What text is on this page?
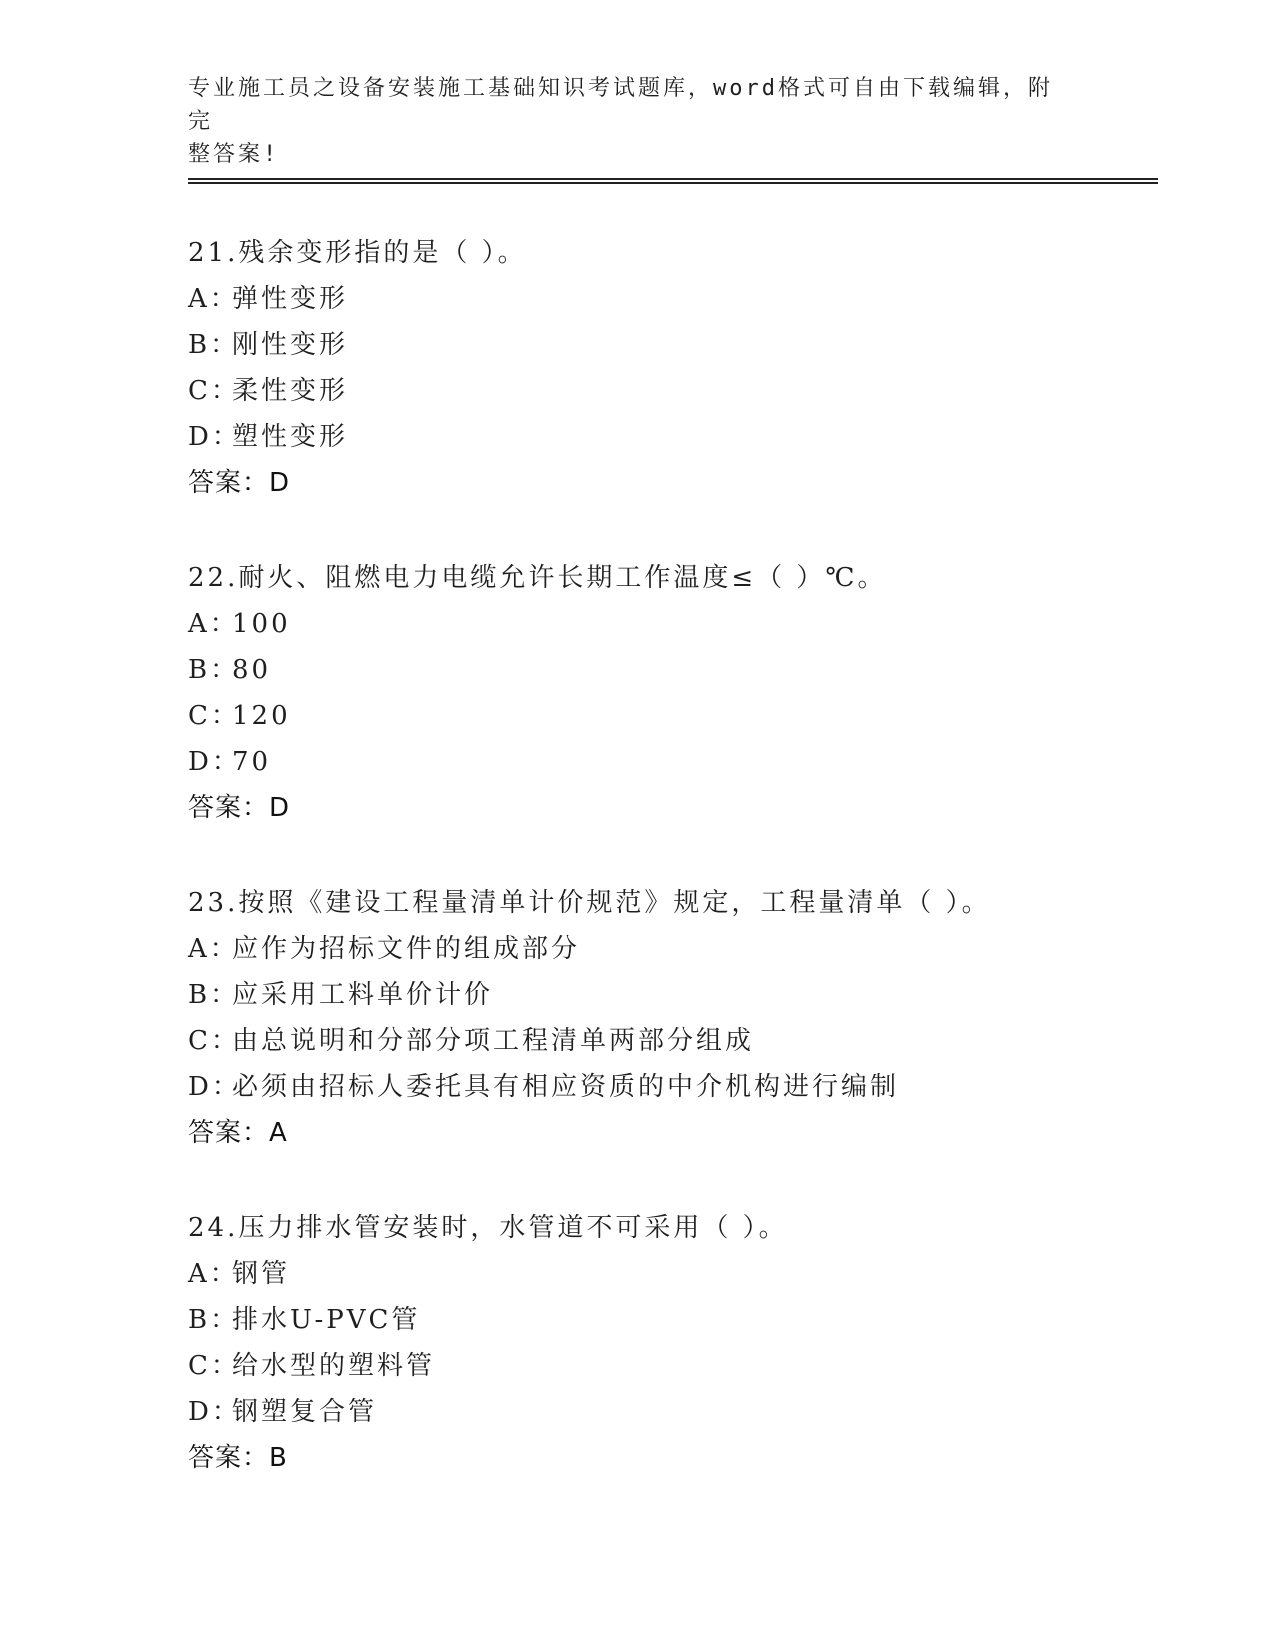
专业施工员之设备安装施工基础知识考试题库，word格式可自由下载编辑，附完
整答案!
21.残余变形指的是（ ）。
A：弹性变形
B：刚性变形
C：柔性变形
D：塑性变形
答案：D
22.耐火、阻燃电力电缆允许长期工作温度≤（ ）℃。
A：100
B：80
C：120
D：70
答案：D
23.按照《建设工程量清单计价规范》规定，工程量清单（ ）。
A：应作为招标文件的组成部分
B：应采用工料单价计价
C：由总说明和分部分项工程清单两部分组成
D：必须由招标人委托具有相应资质的中介机构进行编制
答案：A
24.压力排水管安装时，水管道不可采用（ ）。
A：钢管
B：排水U-PVC管
C：给水型的塑料管
D：钢塑复合管
答案：B
